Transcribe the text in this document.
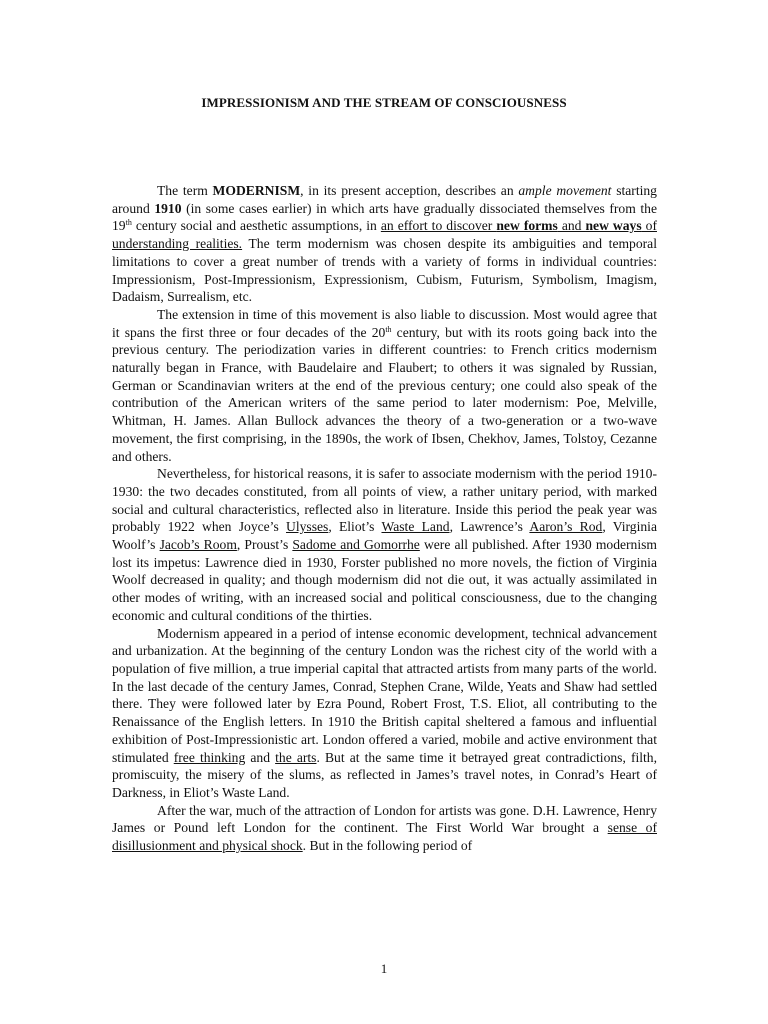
IMPRESSIONISM AND THE STREAM OF CONSCIOUSNESS

The term MODERNISM, in its present acception, describes an ample movement starting around 1910 (in some cases earlier) in which arts have gradually dissociated themselves from the 19th century social and aesthetic assumptions, in an effort to discover new forms and new ways of understanding realities. The term modernism was chosen despite its ambiguities and temporal limitations to cover a great number of trends with a variety of forms in individual countries: Impressionism, Post-Impressionism, Expressionism, Cubism, Futurism, Symbolism, Imagism, Dadaism, Surrealism, etc.

The extension in time of this movement is also liable to discussion. Most would agree that it spans the first three or four decades of the 20th century, but with its roots going back into the previous century. The periodization varies in different countries: to French critics modernism naturally began in France, with Baudelaire and Flaubert; to others it was signaled by Russian, German or Scandinavian writers at the end of the previous century; one could also speak of the contribution of the American writers of the same period to later modernism: Poe, Melville, Whitman, H. James. Allan Bullock advances the theory of a two-generation or a two-wave movement, the first comprising, in the 1890s, the work of Ibsen, Chekhov, James, Tolstoy, Cezanne and others.

Nevertheless, for historical reasons, it is safer to associate modernism with the period 1910-1930: the two decades constituted, from all points of view, a rather unitary period, with marked social and cultural characteristics, reflected also in literature. Inside this period the peak year was probably 1922 when Joyce’s Ulysses, Eliot’s Waste Land, Lawrence’s Aaron’s Rod, Virginia Woolf’s Jacob’s Room, Proust’s Sadome and Gomorrhe were all published. After 1930 modernism lost its impetus: Lawrence died in 1930, Forster published no more novels, the fiction of Virginia Woolf decreased in quality; and though modernism did not die out, it was actually assimilated in other modes of writing, with an increased social and political consciousness, due to the changing economic and cultural conditions of the thirties.

Modernism appeared in a period of intense economic development, technical advancement and urbanization. At the beginning of the century London was the richest city of the world with a population of five million, a true imperial capital that attracted artists from many parts of the world. In the last decade of the century James, Conrad, Stephen Crane, Wilde, Yeats and Shaw had settled there. They were followed later by Ezra Pound, Robert Frost, T.S. Eliot, all contributing to the Renaissance of the English letters. In 1910 the British capital sheltered a famous and influential exhibition of Post-Impressionistic art. London offered a varied, mobile and active environment that stimulated free thinking and the arts. But at the same time it betrayed great contradictions, filth, promiscuity, the misery of the slums, as reflected in James’s travel notes, in Conrad’s Heart of Darkness, in Eliot’s Waste Land.

After the war, much of the attraction of London for artists was gone. D.H. Lawrence, Henry James or Pound left London for the continent. The First World War brought a sense of disillusionment and physical shock. But in the following period of

1
